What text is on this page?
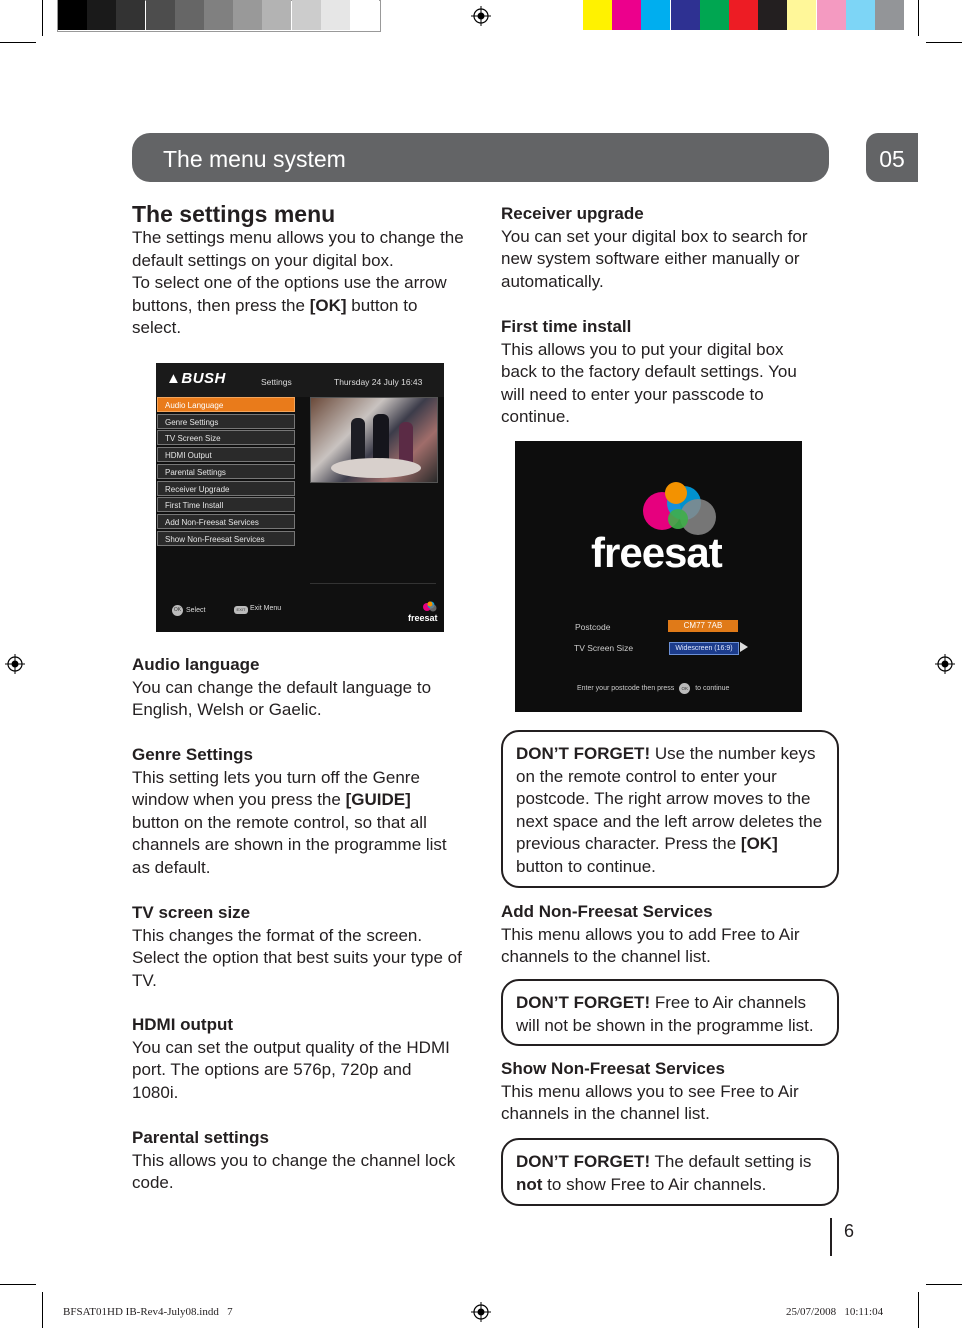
The menu system	05
The settings menu
The settings menu allows you to change the default settings on your digital box.
To select one of the options use the arrow buttons, then press the [OK] button to select.
▲BUSH	Settings	Thursday 24 July 16:43
Audio Language
Genre Settings
TV Screen Size
HDMI Output
Parental Settings
Receiver Upgrade
First Time Install
Add Non-Freesat Services
Show Non-Freesat Services
OK Select	EXIT Exit Menu
freesat
Audio language
You can change the default language to English, Welsh or Gaelic.
Genre Settings
This setting lets you turn off the Genre window when you press the [GUIDE] button on the remote control, so that all channels are shown in the programme list as default.
TV screen size
This changes the format of the screen. Select the option that best suits your type of TV.
HDMI output
You can set the output quality of the HDMI port. The options are 576p, 720p and 1080i.
Parental settings
This allows you to change the channel lock code.
Receiver upgrade
You can set your digital box to search for new system software either manually or automatically.
First time install
This allows you to put your digital box back to the factory default settings. You will need to enter your passcode to continue.
freesat
Postcode	CM77 7AB
TV Screen Size	Widescreen (16:9)
Enter your postcode then press OK to continue
DON’T FORGET! Use the number keys on the remote control to enter your postcode. The right arrow moves to the next space and the left arrow deletes the previous character. Press the [OK] button to continue.
Add Non-Freesat Services
This menu allows you to add Free to Air channels to the channel list.
DON’T FORGET! Free to Air channels will not be shown in the programme list.
Show Non-Freesat Services
This menu allows you to see Free to Air channels in the channel list.
DON’T FORGET! The default setting is not to show Free to Air channels.
6
BFSAT01HD IB-Rev4-July08.indd   7	25/07/2008   10:11:04
